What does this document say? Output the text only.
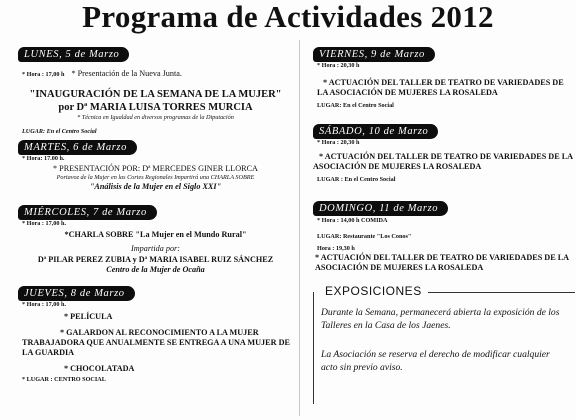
Programa de Actividades 2012
LUNES, 5 de Marzo
* Hora : 17,00 h * Presentación de la Nueva Junta.
"INAUGURACIÓN DE LA SEMANA DE LA MUJER"
por Dª MARIA LUISA TORRES MURCIA
* Técnica en Igualdad en diversos programas de la Diputación
LUGAR: En el Centro Social
MARTES, 6 de Marzo
* Hora: 17.00 h.
* PRESENTACIÓN POR: Dª MERCEDES GINER LLORCA
Portavoz de la Mujer en las Cortes Regionales Impartirá una CHARLA SOBRE
"Análisis de la Mujer en el Siglo XXI"
MIÉRCOLES, 7 de Marzo
* Hora : 17,00 h.
*CHARLA SOBRE "La Mujer en el Mundo Rural"
Impartida por:
Dª PILAR PEREZ ZUBIA y Dª MARIA ISABEL RUIZ SÁNCHEZ
Centro de la Mujer de Ocaña
JUEVES, 8 de Marzo
* Hora : 17,00 h.
* PELÍCULA
* GALARDON AL RECONOCIMIENTO A LA MUJER TRABAJADORA QUE ANUALMENTE SE ENTREGA A UNA MUJER DE LA GUARDIA
* CHOCOLATADA
* LUGAR : CENTRO SOCIAL
VIERNES, 9 de Marzo
* Hora : 20,30 h
* ACTUACIÓN DEL TALLER DE TEATRO DE VARIEDADES DE LA ASOCIACIÓN DE MUJERES LA ROSALEDA
LUGAR: En el Centro Social
SÁBADO, 10 de Marzo
* Hora : 20,30 h
* ACTUACIÓN DEL TALLER DE TEATRO DE VARIEDADES DE LA ASOCIACIÓN DE MUJERES LA ROSALEDA
LUGAR : En el Centro Social
DOMINGO, 11 de Marzo
* Hora : 14,00 h COMIDA
LUGAR: Restaurante "Los Conos"
Hora : 19,30 h
* ACTUACIÓN DEL TALLER DE TEATRO DE VARIEDADES DE LA ASOCIACIÓN DE MUJERES LA ROSALEDA
EXPOSICIONES
Durante la Semana, permanecerá abierta la exposición de los Talleres en la Casa de los Jaenes.
La Asociación se reserva el derecho de modificar cualquier acto sin previo aviso.
